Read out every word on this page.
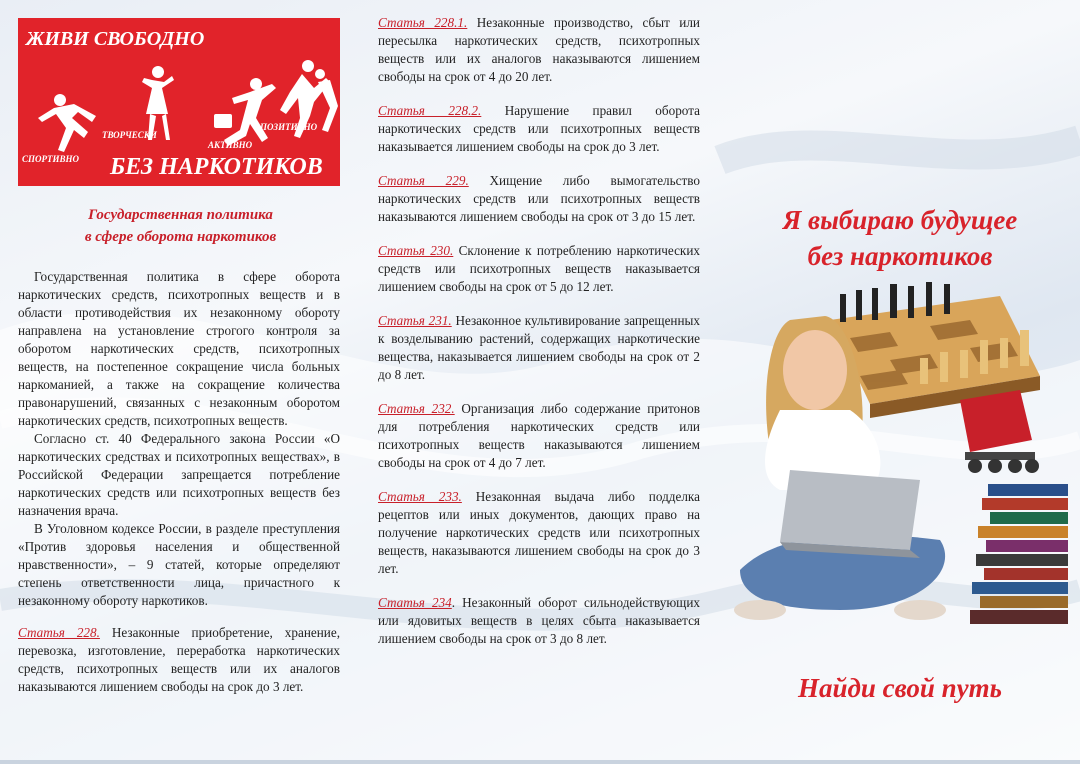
ЖИВИ СВОБОДНО
СПОРТИВНО
ТВОРЧЕСКИ
АКТИВНО
ПОЗИТИВНО
БЕЗ НАРКОТИКОВ
Государственная политика
в сфере оборота наркотиков

Государственная политика в сфере оборота наркотических средств, психотропных веществ и в области противодействия их незаконному обороту направлена на установление строгого контроля за оборотом наркотических средств, психотропных веществ, на постепенное сокращение числа больных наркоманией, а также на сокращение количества правонарушений, связанных с незаконным оборотом наркотических средств, психотропных веществ.

Согласно ст. 40 Федерального закона России «О наркотических средствах и психотропных веществах», в Российской Федерации запрещается потребление наркотических средств или психотропных веществ без назначения врача.

В Уголовном кодексе России, в разделе преступления «Против здоровья населения и общественной нравственности», – 9 статей, которые определяют степень ответственности лица, причастного к незаконному обороту наркотиков.

Статья 228. Незаконные приобретение, хранение, перевозка, изготовление, переработка наркотических средств, психотропных веществ или их аналогов наказываются лишением свободы на срок до 3 лет.
Статья 228.1. Незаконные производство, сбыт или пересылка наркотических средств, психотропных веществ или их аналогов наказываются лишением свободы на срок от 4 до 20 лет.
Статья 228.2. Нарушение правил оборота наркотических средств или психотропных веществ наказывается лишением свободы на срок до 3 лет.
Статья 229. Хищение либо вымогательство наркотических средств или психотропных веществ наказываются лишением свободы на срок от 3 до 15 лет.
Статья 230. Склонение к потреблению наркотических средств или психотропных веществ наказывается лишением свободы на срок от 5 до 12 лет.
Статья 231. Незаконное культивирование запрещенных к возделыванию растений, содержащих наркотические вещества, наказывается лишением свободы на срок от 2 до 8 лет.
Статья 232. Организация либо содержание притонов для потребления наркотических средств или психотропных веществ наказываются лишением свободы на срок от 4 до 7 лет.
Статья 233. Незаконная выдача либо подделка рецептов или иных документов, дающих право на получение наркотических средств или психотропных веществ, наказываются лишением свободы на срок до 3 лет.
Статья 234. Незаконный оборот сильнодействующих или ядовитых веществ в целях сбыта наказывается лишением свободы на срок от 3 до 8 лет.
Я выбираю будущее
без наркотиков
Найди свой путь
